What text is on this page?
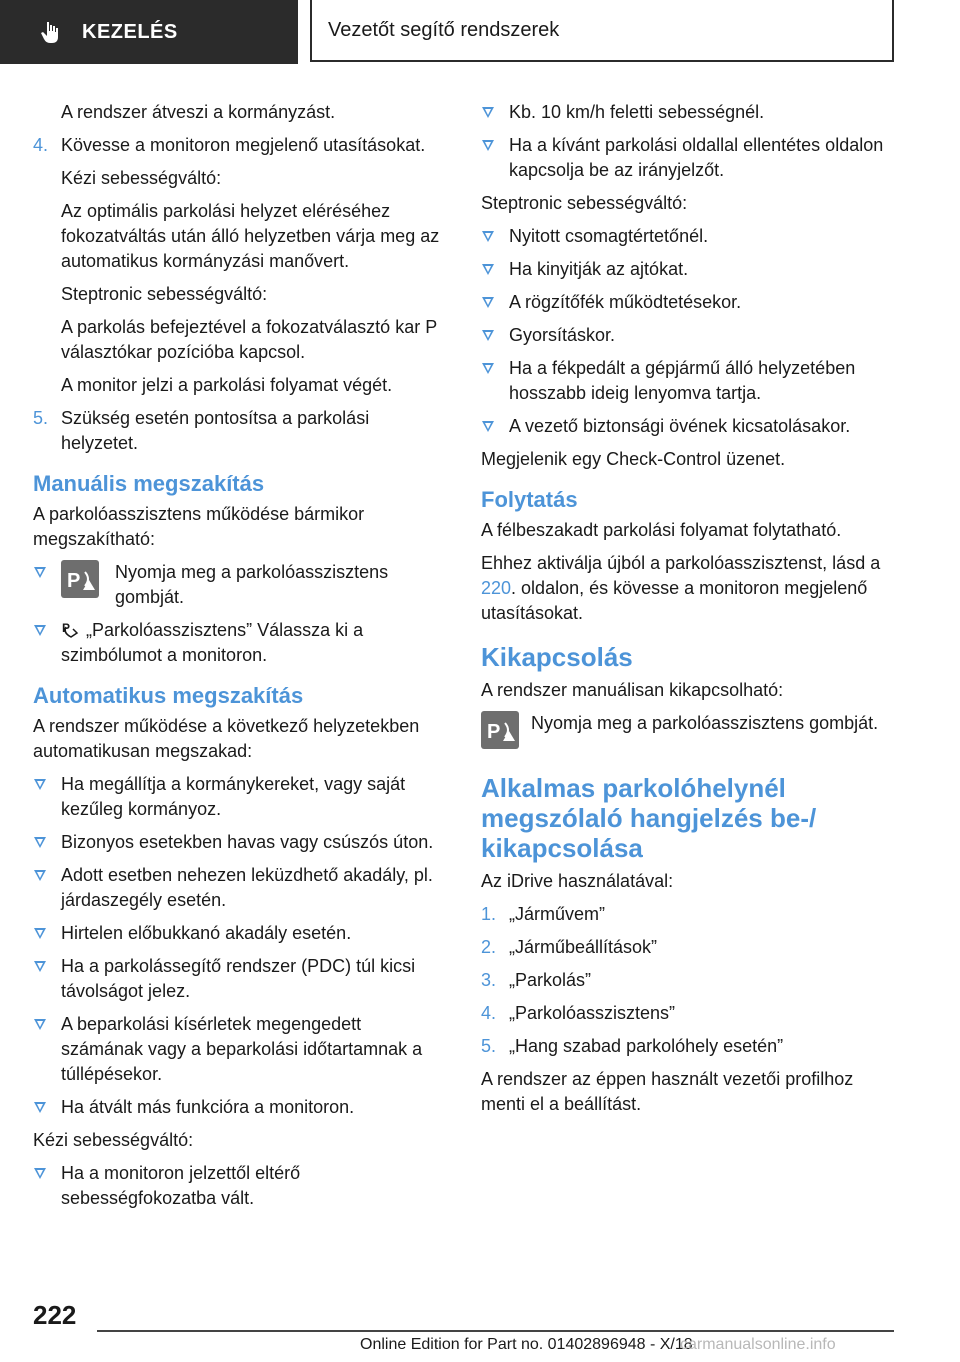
KEZELÉS	Vezetőt segítő rendszerek

A rendszer átveszi a kormányzást.

4. Kövesse a monitoron megjelenő utasításokat.

Kézi sebességváltó:

Az optimális parkolási helyzet eléréséhez fokozatváltás után álló helyzetben várja meg az automatikus kormányzási manővert.

Steptronic sebességváltó:

A parkolás befejeztével a fokozatválasztó kar P választókar pozícióba kapcsol.

A monitor jelzi a parkolási folyamat végét.

5. Szükség esetén pontosítsa a parkolási helyzetet.
Manuális megszakítás

A parkolóasszisztens működése bármikor megszakítható:

P	Nyomja meg a parkolóasszisztens gombját.
P „Parkolóasszisztens” Válassza ki a szimbólumot a monitoron.
Automatikus megszakítás

A rendszer működése a következő helyzetekben automatikusan megszakad:

Ha megállítja a kormánykereket, vagy saját kezűleg kormányoz.
Bizonyos esetekben havas vagy csúszós úton.
Adott esetben nehezen leküzdhető akadály, pl. járdaszegély esetén.
Hirtelen előbukkanó akadály esetén.
Ha a parkolássegítő rendszer (PDC) túl kicsi távolságot jelez.
A beparkolási kísérletek megengedett számának vagy a beparkolási időtartamnak a túllépésekor.
Ha átvált más funkcióra a monitoron.

Kézi sebességváltó:

Ha a monitoron jelzettől eltérő sebességfokozatba vált.
Kb. 10 km/h feletti sebességnél.
Ha a kívánt parkolási oldallal ellentétes oldalon kapcsolja be az irányjelzőt.

Steptronic sebességváltó:

Nyitott csomagtértetőnél.
Ha kinyitják az ajtókat.
A rögzítőfék működtetésekor.
Gyorsításkor.
Ha a fékpedált a gépjármű álló helyzetében hosszabb ideig lenyomva tartja.
A vezető biztonsági övének kicsatolásakor.

Megjelenik egy Check-Control üzenet.

Folytatás

A félbeszakadt parkolási folyamat folytatható.

Ehhez aktiválja újból a parkolóasszisztenst, lásd a 220. oldalon, és kövesse a monitoron megjelenő utasításokat.

Kikapcsolás

A rendszer manuálisan kikapcsolható:

P	Nyomja meg a parkolóasszisztens gombját.
Alkalmas parkolóhelynél megszólaló hangjelzés be-/ kikapcsolása

Az iDrive használatával:

1. „Járművem”
2. „Járműbeállítások”
3. „Parkolás”
4. „Parkolóasszisztens”
5. „Hang szabad parkolóhely esetén”

A rendszer az éppen használt vezetői profilhoz menti el a beállítást.

222
Online Edition for Part no. 01402896948 - X/18
carmanualsonline.info
